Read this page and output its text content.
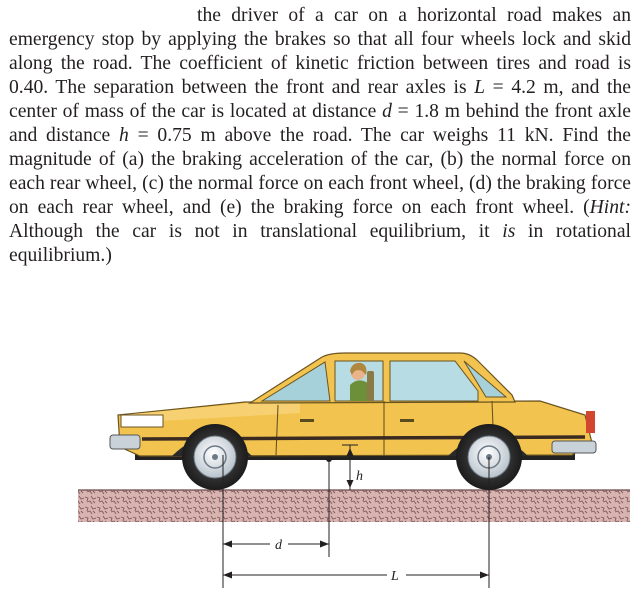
the driver of a car on a horizontal road makes an emergency stop by applying the brakes so that all four wheels lock and skid along the road. The coefficient of kinetic friction between tires and road is 0.40. The separation between the front and rear axles is L = 4.2 m, and the center of mass of the car is located at distance d = 1.8 m behind the front axle and distance h = 0.75 m above the road. The car weighs 11 kN. Find the magnitude of (a) the braking acceleration of the car, (b) the normal force on each rear wheel, (c) the normal force on each front wheel, (d) the braking force on each rear wheel, and (e) the braking force on each front wheel. (Hint: Although the car is not in translational equilibrium, it is in rotational equilibrium.)

h
d
L
